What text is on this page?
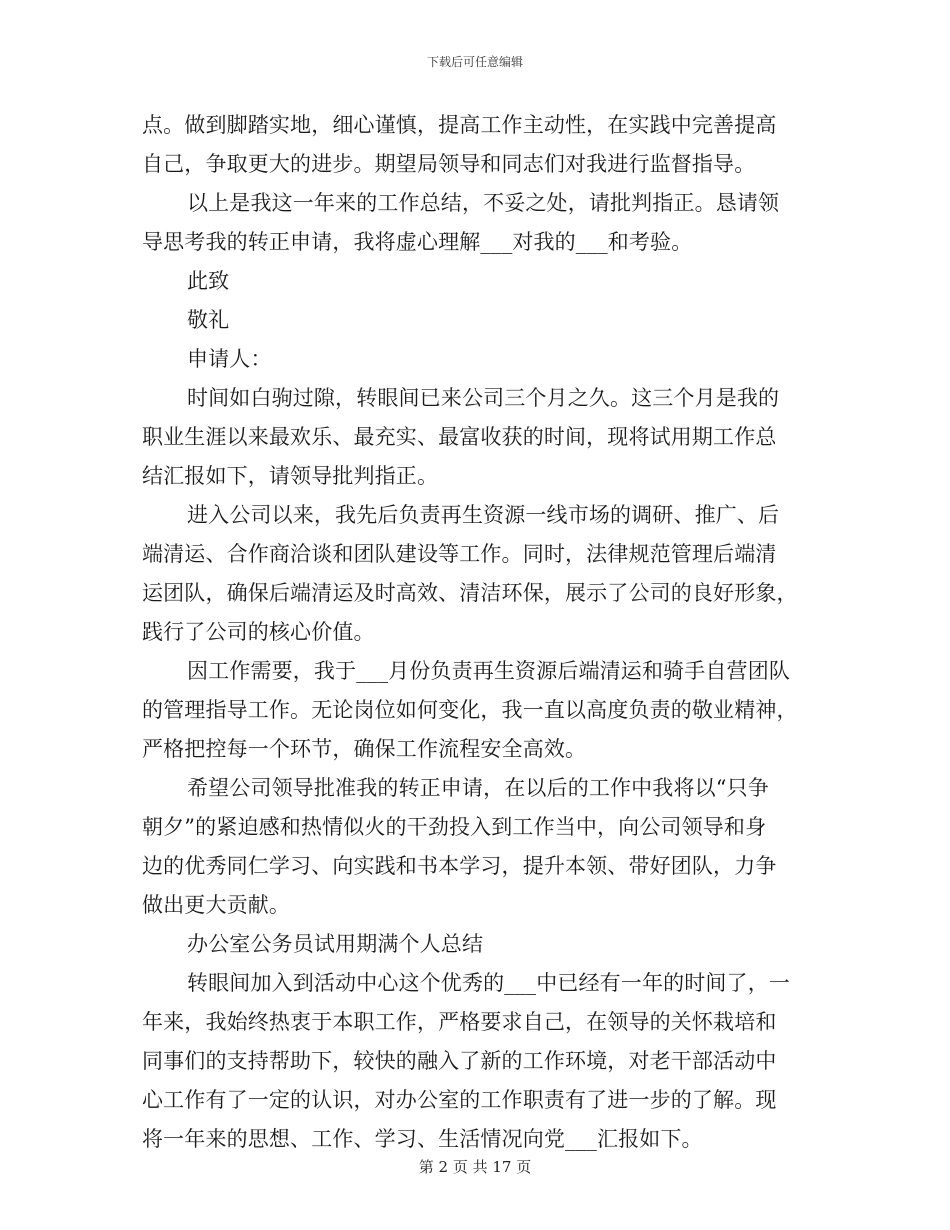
下载后可任意编辑
点。做到脚踏实地，细心谨慎，提高工作主动性，在实践中完善提高
自己，争取更大的进步。期望局领导和同志们对我进行监督指导。
以上是我这一年来的工作总结，不妥之处，请批判指正。恳请领
导思考我的转正申请，我将虚心理解___对我的___和考验。
此致
敬礼
申请人：
时间如白驹过隙，转眼间已来公司三个月之久。这三个月是我的
职业生涯以来最欢乐、最充实、最富收获的时间，现将试用期工作总
结汇报如下，请领导批判指正。
进入公司以来，我先后负责再生资源一线市场的调研、推广、后
端清运、合作商洽谈和团队建设等工作。同时，法律规范管理后端清
运团队，确保后端清运及时高效、清洁环保，展示了公司的良好形象，
践行了公司的核心价值。
因工作需要，我于___月份负责再生资源后端清运和骑手自营团队
的管理指导工作。无论岗位如何变化，我一直以高度负责的敬业精神，
严格把控每一个环节，确保工作流程安全高效。
希望公司领导批准我的转正申请，在以后的工作中我将以“只争
朝夕”的紧迫感和热情似火的干劲投入到工作当中，向公司领导和身
边的优秀同仁学习、向实践和书本学习，提升本领、带好团队，力争
做出更大贡献。
办公室公务员试用期满个人总结
转眼间加入到活动中心这个优秀的___中已经有一年的时间了，一
年来，我始终热衷于本职工作，严格要求自己，在领导的关怀栽培和
同事们的支持帮助下，较快的融入了新的工作环境，对老干部活动中
心工作有了一定的认识，对办公室的工作职责有了进一步的了解。现
将一年来的思想、工作、学习、生活情况向党___汇报如下。
第 2 页 共 17 页
